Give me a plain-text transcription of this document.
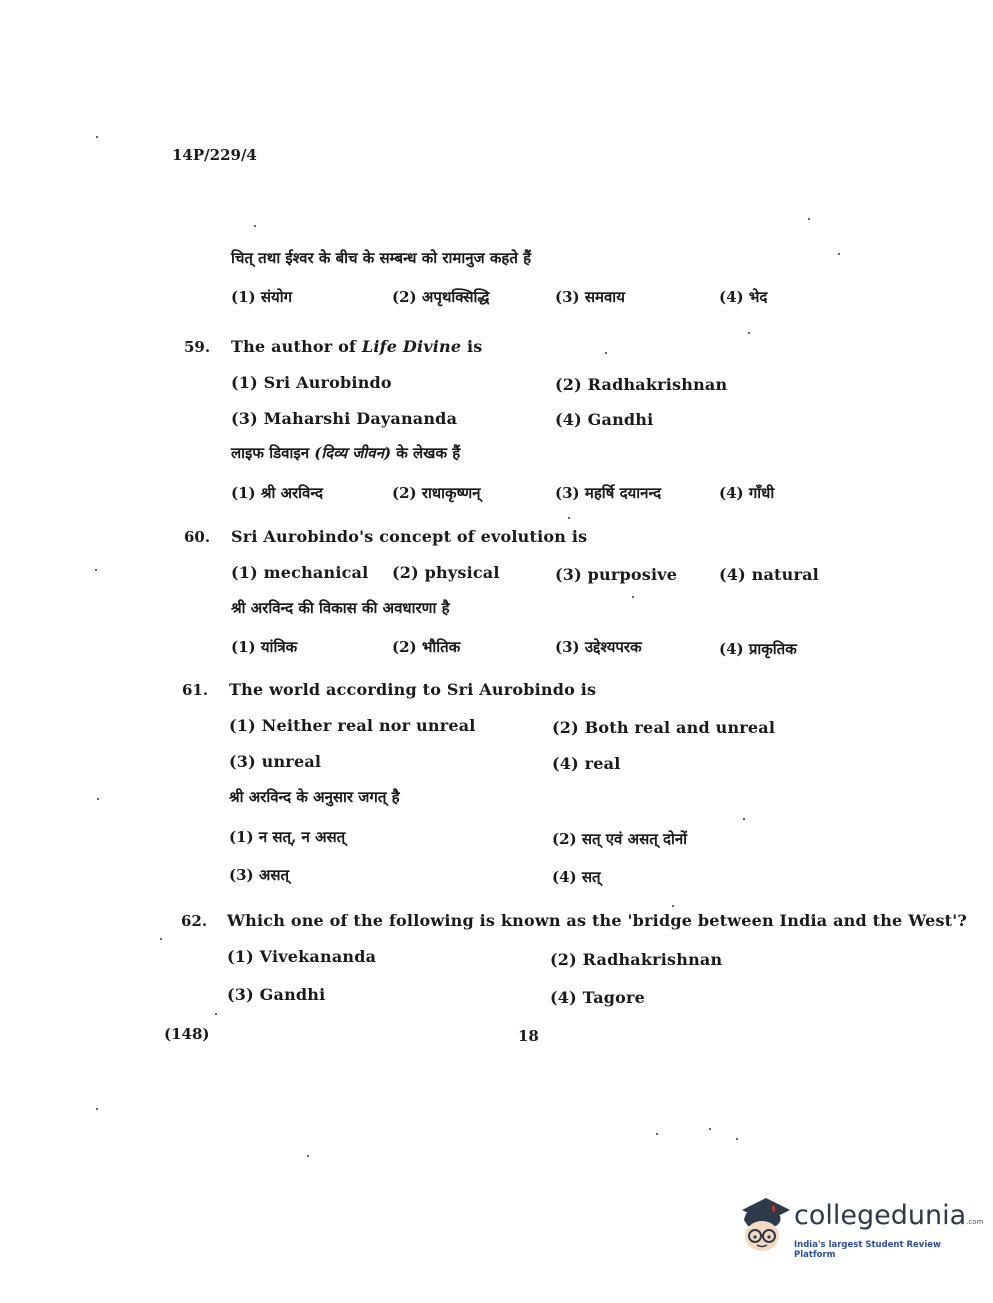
14P/229/4
चित् तथा ईश्वर के बीच के सम्बन्ध को रामानुज कहते हैं
(1) संयोग	(2) अपृथक्सिद्धि	(3) समवाय	(4) भेद
59. The author of Life Divine is
(1) Sri Aurobindo	(2) Radhakrishnan
(3) Maharshi Dayananda	(4) Gandhi
लाइफ डिवाइन (दिव्य जीवन) के लेखक हैं
(1) श्री अरविन्द	(2) राधाकृष्णन्	(3) महर्षि दयानन्द	(4) गाँधी
60. Sri Aurobindo's concept of evolution is
(1) mechanical (2) physical	(3) purposive	(4) natural
श्री अरविन्द की विकास की अवधारणा है
(1) यांत्रिक	(2) भौतिक	(3) उद्देश्यपरक	(4) प्राकृतिक
61. The world according to Sri Aurobindo is
(1) Neither real nor unreal	(2) Both real and unreal
(3) unreal	(4) real
श्री अरविन्द के अनुसार जगत् है
(1) न सत्, न असत्	(2) सत् एवं असत् दोनों
(3) असत्	(4) सत्
62. Which one of the following is known as the 'bridge between India and the West'?
(1) Vivekananda	(2) Radhakrishnan
(3) Gandhi	(4) Tagore
(148)	18
collegedunia.com
India's largest Student Review Platform
